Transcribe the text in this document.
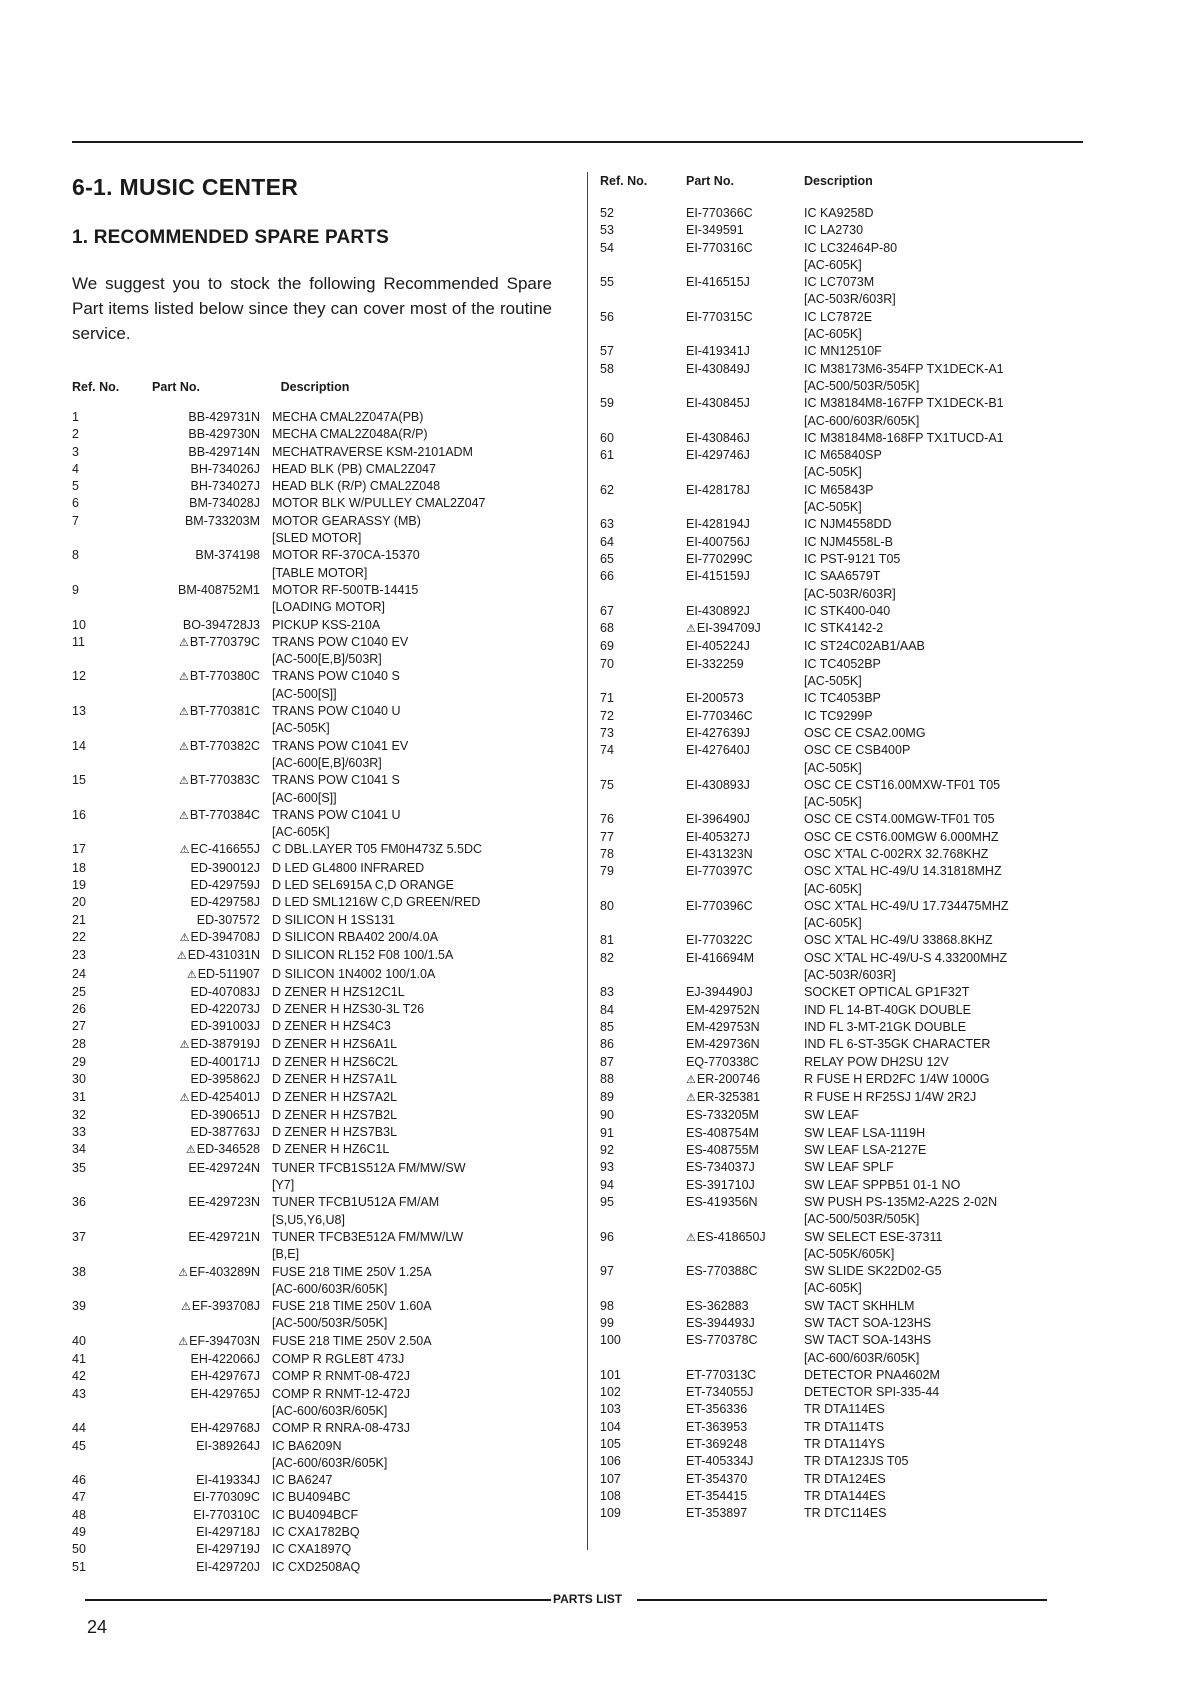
6-1. MUSIC CENTER
1. RECOMMENDED SPARE PARTS
We suggest you to stock the following Recommended Spare Part items listed below since they can cover most of the routine service.
Ref. No.	Part No.	Description
1	BB-429731N MECHA CMAL2Z047A(PB)
2	BB-429730N MECHA CMAL2Z048A(R/P)
3	BB-429714N MECHATRAVERSE KSM-2101ADM
4	BH-734026J HEAD BLK (PB) CMAL2Z047
5	BH-734027J HEAD BLK (R/P) CMAL2Z048
6	BM-734028J MOTOR BLK W/PULLEY CMAL2Z047
7	BM-733203M MOTOR GEARASSY (MB)
[SLED MOTOR]
8	BM-374198 MOTOR RF-370CA-15370
[TABLE MOTOR]
9	BM-408752M1 MOTOR RF-500TB-14415
[LOADING MOTOR]
10	BO-394728J3 PICKUP KSS-210A
11	⚠BT-770379C TRANS POW C1040 EV
[AC-500[E,B]/503R]
12	⚠BT-770380C TRANS POW C1040 S
[AC-500[S]]
13	⚠BT-770381C TRANS POW C1040 U
[AC-505K]
14	⚠BT-770382C TRANS POW C1041 EV
[AC-600[E,B]/603R]
15	⚠BT-770383C TRANS POW C1041 S
[AC-600[S]]
16	⚠BT-770384C TRANS POW C1041 U
[AC-605K]
17	⚠EC-416655J C DBL.LAYER T05 FM0H473Z 5.5DC
18	ED-390012J D LED GL4800 INFRARED
19	ED-429759J D LED SEL6915A C,D ORANGE
20	ED-429758J D LED SML1216W C,D GREEN/RED
21	ED-307572 D SILICON H 1SS131
22	⚠ED-394708J D SILICON RBA402 200/4.0A
23	⚠ED-431031N D SILICON RL152 F08 100/1.5A
24	⚠ED-511907 D SILICON 1N4002 100/1.0A
25	ED-407083J D ZENER H HZS12C1L
26	ED-422073J D ZENER H HZS30-3L T26
27	ED-391003J D ZENER H HZS4C3
28	⚠ED-387919J D ZENER H HZS6A1L
29	ED-400171J D ZENER H HZS6C2L
30	ED-395862J D ZENER H HZS7A1L
31	⚠ED-425401J D ZENER H HZS7A2L
32	ED-390651J D ZENER H HZS7B2L
33	ED-387763J D ZENER H HZS7B3L
34	⚠ED-346528 D ZENER H HZ6C1L
35	EE-429724N TUNER TFCB1S512A FM/MW/SW
[Y7]
36	EE-429723N TUNER TFCB1U512A FM/AM
[S,U5,Y6,U8]
37	EE-429721N TUNER TFCB3E512A FM/MW/LW
[B,E]
38	⚠EF-403289N FUSE 218 TIME 250V 1.25A
[AC-600/603R/605K]
39	⚠EF-393708J FUSE 218 TIME 250V 1.60A
[AC-500/503R/505K]
40	⚠EF-394703N FUSE 218 TIME 250V 2.50A
41	EH-422066J COMP R RGLE8T 473J
42	EH-429767J COMP R RNMT-08-472J
43	EH-429765J COMP R RNMT-12-472J
[AC-600/603R/605K]
44	EH-429768J COMP R RNRA-08-473J
45	EI-389264J IC BA6209N
[AC-600/603R/605K]
46	EI-419334J IC BA6247
47	EI-770309C IC BU4094BC
48	EI-770310C IC BU4094BCF
49	EI-429718J IC CXA1782BQ
50	EI-429719J IC CXA1897Q
51	EI-429720J IC CXD2508AQ
Ref. No.	Part No.	Description
52	EI-770366C	IC KA9258D
53	EI-349591	IC LA2730
54	EI-770316C	IC LC32464P-80
[AC-605K]
55	EI-416515J	IC LC7073M
[AC-503R/603R]
56	EI-770315C	IC LC7872E
[AC-605K]
57	EI-419341J	IC MN12510F
58	EI-430849J	IC M38173M6-354FP TX1DECK-A1
[AC-500/503R/505K]
59	EI-430845J	IC M38184M8-167FP TX1DECK-B1
[AC-600/603R/605K]
60	EI-430846J	IC M38184M8-168FP TX1TUCD-A1
61	EI-429746J	IC M65840SP
[AC-505K]
62	EI-428178J	IC M65843P
[AC-505K]
63	EI-428194J	IC NJM4558DD
64	EI-400756J	IC NJM4558L-B
65	EI-770299C	IC PST-9121 T05
66	EI-415159J	IC SAA6579T
[AC-503R/603R]
67	EI-430892J	IC STK400-040
68	⚠EI-394709J	IC STK4142-2
69	EI-405224J	IC ST24C02AB1/AAB
70	EI-332259	IC TC4052BP
[AC-505K]
71	EI-200573	IC TC4053BP
72	EI-770346C	IC TC9299P
73	EI-427639J	OSC CE CSA2.00MG
74	EI-427640J	OSC CE CSB400P
[AC-505K]
75	EI-430893J	OSC CE CST16.00MXW-TF01 T05
[AC-505K]
76	EI-396490J	OSC CE CST4.00MGW-TF01 T05
77	EI-405327J	OSC CE CST6.00MGW 6.000MHZ
78	EI-431323N	OSC X'TAL C-002RX 32.768KHZ
79	EI-770397C	OSC X'TAL HC-49/U 14.31818MHZ
[AC-605K]
80	EI-770396C	OSC X'TAL HC-49/U 17.734475MHZ
[AC-605K]
81	EI-770322C	OSC X'TAL HC-49/U 33868.8KHZ
82	EI-416694M	OSC X'TAL HC-49/U-S 4.33200MHZ
[AC-503R/603R]
83	EJ-394490J	SOCKET OPTICAL GP1F32T
84	EM-429752N	IND FL 14-BT-40GK DOUBLE
85	EM-429753N	IND FL 3-MT-21GK DOUBLE
86	EM-429736N	IND FL 6-ST-35GK CHARACTER
87	EQ-770338C	RELAY POW DH2SU 12V
88	⚠ER-200746	R FUSE H ERD2FC 1/4W 1000G
89	⚠ER-325381	R FUSE H RF25SJ 1/4W 2R2J
90	ES-733205M	SW LEAF
91	ES-408754M	SW LEAF LSA-1119H
92	ES-408755M	SW LEAF LSA-2127E
93	ES-734037J	SW LEAF SPLF
94	ES-391710J	SW LEAF SPPB51 01-1 NO
95	ES-419356N	SW PUSH PS-135M2-A22S 2-02N
[AC-500/503R/505K]
96	⚠ES-418650J	SW SELECT ESE-37311
[AC-505K/605K]
97	ES-770388C	SW SLIDE SK22D02-G5
[AC-605K]
98	ES-362883	SW TACT SKHHLM
99	ES-394493J	SW TACT SOA-123HS
100	ES-770378C	SW TACT SOA-143HS
[AC-600/603R/605K]
101	ET-770313C	DETECTOR PNA4602M
102	ET-734055J	DETECTOR SPI-335-44
103	ET-356336	TR DTA114ES
104	ET-363953	TR DTA114TS
105	ET-369248	TR DTA114YS
106	ET-405334J	TR DTA123JS T05
107	ET-354370	TR DTA124ES
108	ET-354415	TR DTA144ES
109	ET-353897	TR DTC114ES
PARTS LIST
24
